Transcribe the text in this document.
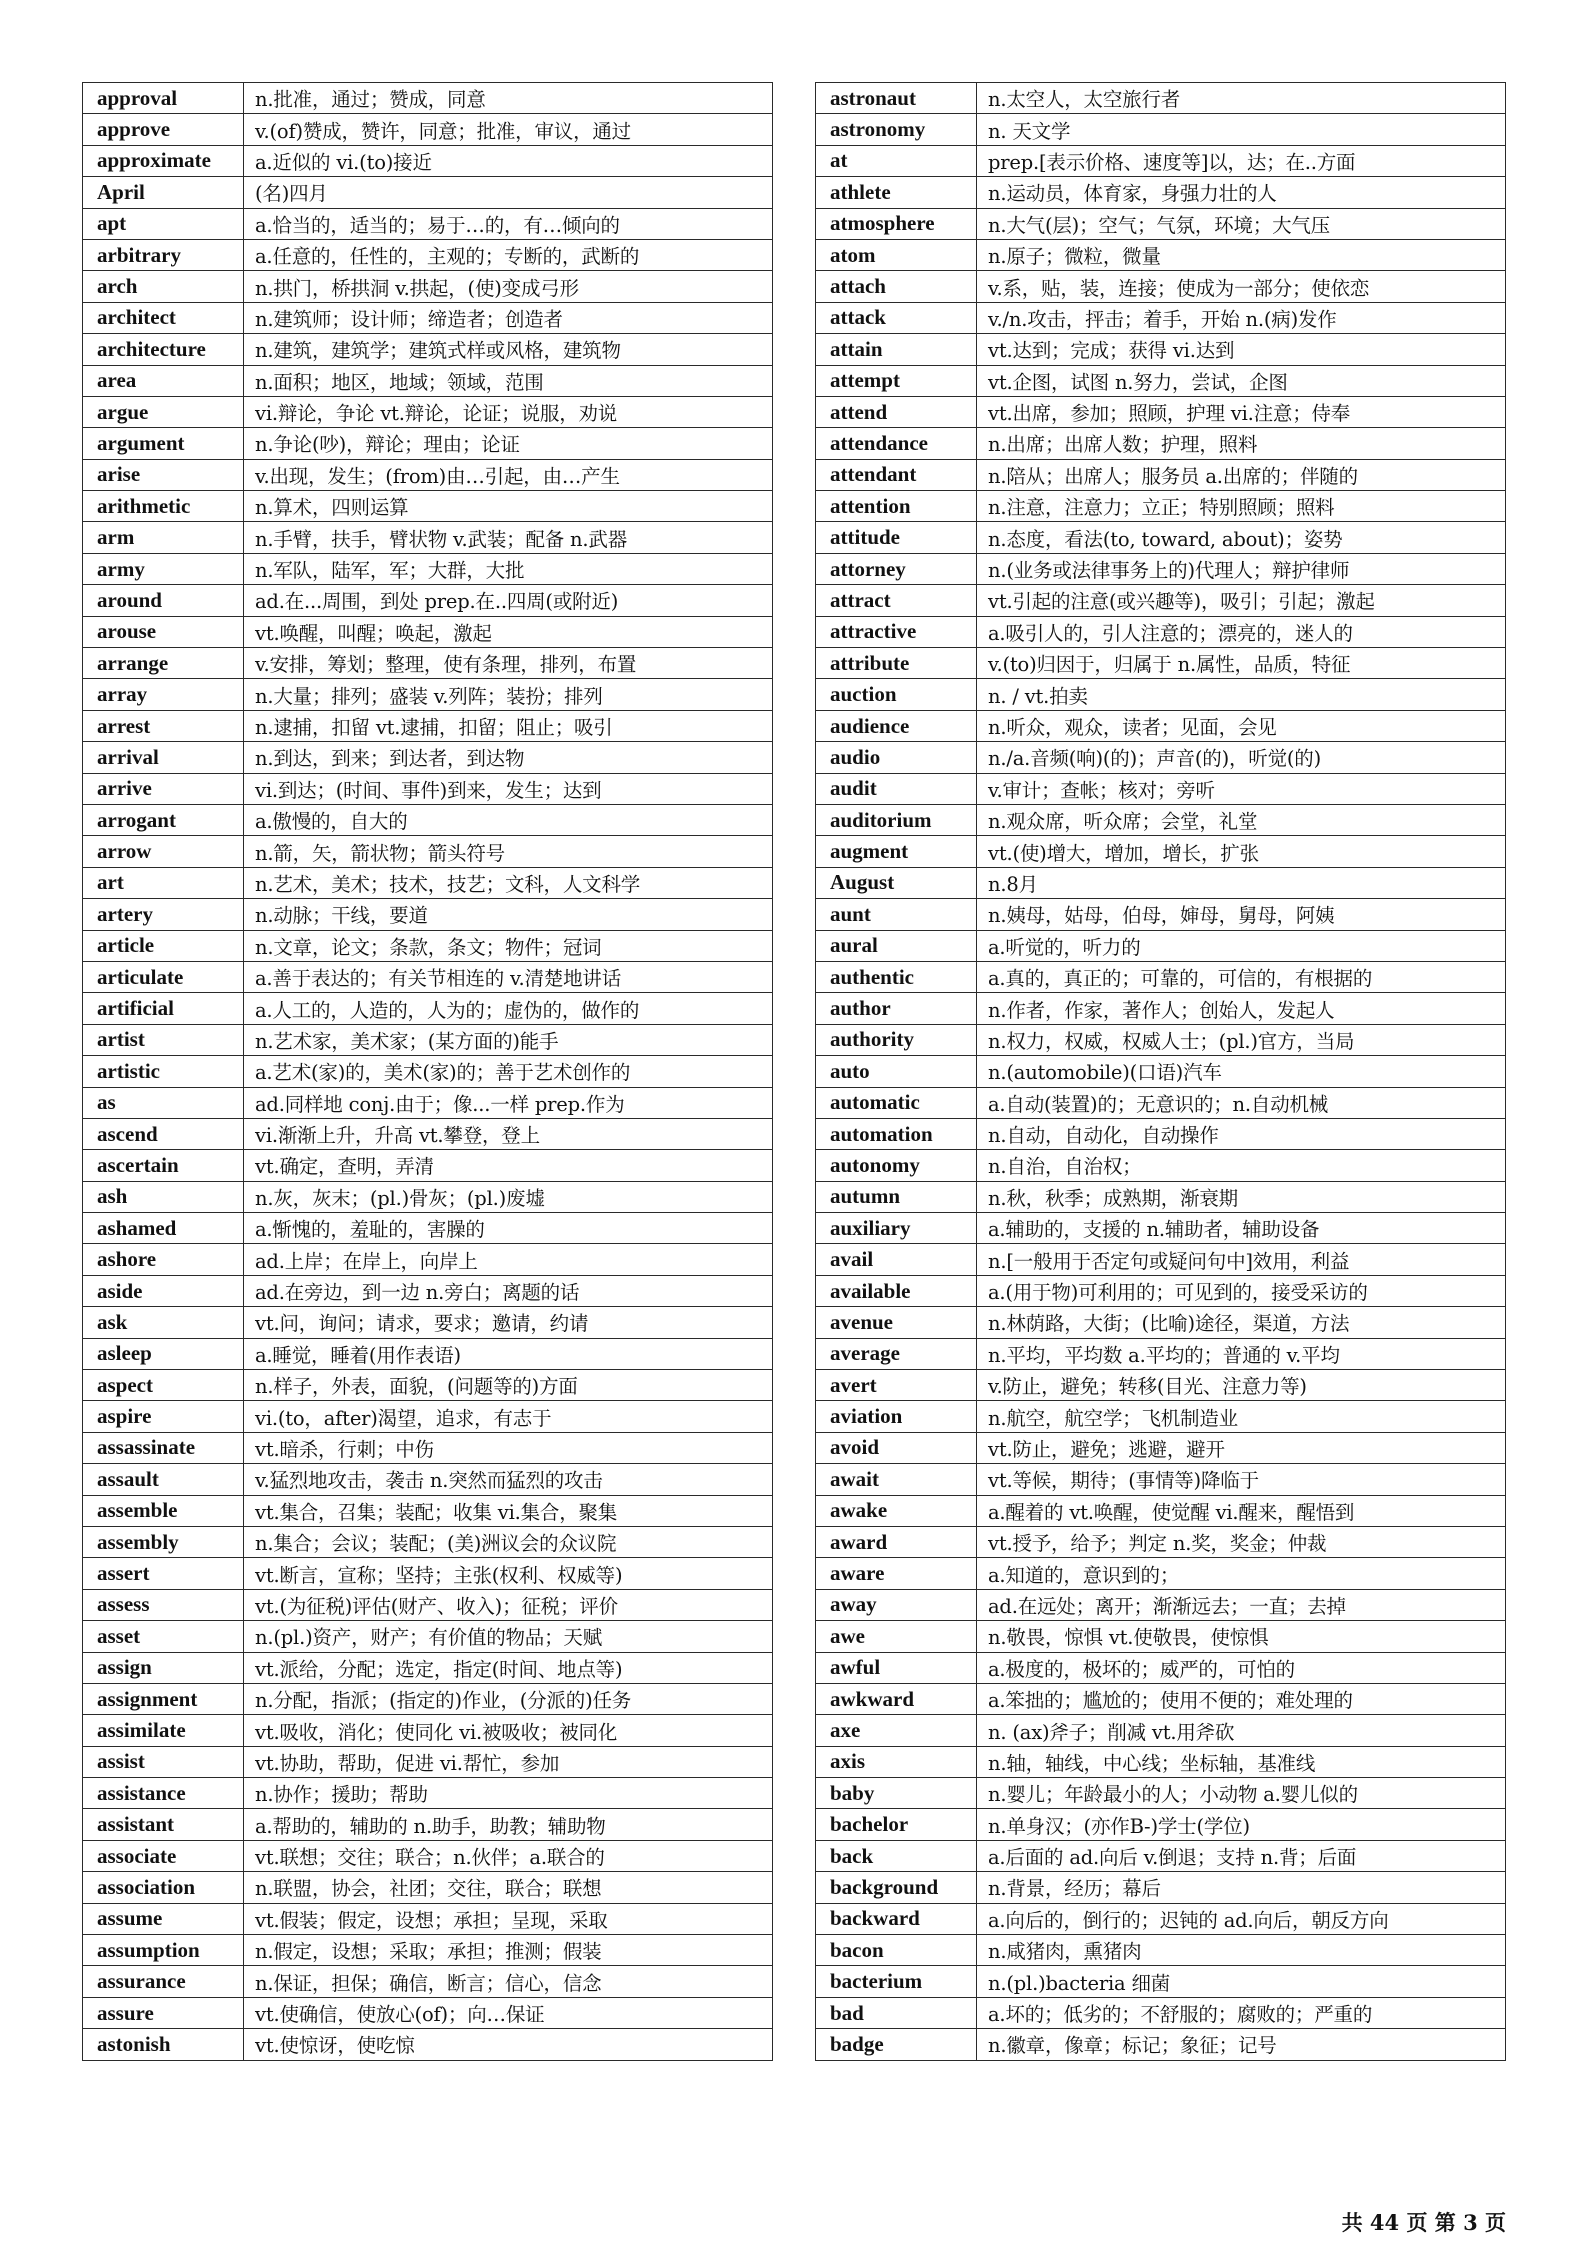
approval	n.批准，通过；赞成，同意
approve	v.(of)赞成，赞许，同意；批准，审议，通过
approximate	a.近似的 vi.(to)接近
April	(名)四月
apt	a.恰当的，适当的；易于…的，有…倾向的
arbitrary	a.任意的，任性的，主观的；专断的，武断的
arch	n.拱门，桥拱洞 v.拱起，(使)变成弓形
architect	n.建筑师；设计师；缔造者；创造者
architecture	n.建筑，建筑学；建筑式样或风格，建筑物
area	n.面积；地区，地域；领域，范围
argue	vi.辩论，争论 vt.辩论，论证；说服，劝说
argument	n.争论(吵)，辩论；理由；论证
arise	v.出现，发生；(from)由…引起，由…产生
arithmetic	n.算术，四则运算
arm	n.手臂，扶手，臂状物 v.武装；配备 n.武器
army	n.军队，陆军，军；大群，大批
around	ad.在...周围，到处 prep.在..四周(或附近)
arouse	vt.唤醒，叫醒；唤起，激起
arrange	v.安排，筹划；整理，使有条理，排列，布置
array	n.大量；排列；盛装 v.列阵；装扮；排列
arrest	n.逮捕，扣留 vt.逮捕，扣留；阻止；吸引
arrival	n.到达，到来；到达者，到达物
arrive	vi.到达；(时间、事件)到来，发生；达到
arrogant	a.傲慢的，自大的
arrow	n.箭，矢，箭状物；箭头符号
art	n.艺术，美术；技术，技艺；文科，人文科学
artery	n.动脉；干线，要道
article	n.文章，论文；条款，条文；物件；冠词
articulate	a.善于表达的；有关节相连的 v.清楚地讲话
artificial	a.人工的，人造的，人为的；虚伪的，做作的
artist	n.艺术家，美术家；(某方面的)能手
artistic	a.艺术(家)的，美术(家)的；善于艺术创作的
as	ad.同样地 conj.由于；像...一样 prep.作为
ascend	vi.渐渐上升，升高 vt.攀登，登上
ascertain	vt.确定，查明，弄清
ash	n.灰，灰末；(pl.)骨灰；(pl.)废墟
ashamed	a.惭愧的，羞耻的，害臊的
ashore	ad.上岸；在岸上，向岸上
aside	ad.在旁边，到一边 n.旁白；离题的话
ask	vt.问，询问；请求，要求；邀请，约请
asleep	a.睡觉，睡着(用作表语)
aspect	n.样子，外表，面貌，(问题等的)方面
aspire	vi.(to，after)渴望，追求，有志于
assassinate	vt.暗杀，行刺；中伤
assault	v.猛烈地攻击，袭击 n.突然而猛烈的攻击
assemble	vt.集合，召集；装配；收集 vi.集合，聚集
assembly	n.集合；会议；装配；(美)洲议会的众议院
assert	vt.断言，宣称；坚持；主张(权利、权威等)
assess	vt.(为征税)评估(财产、收入)；征税；评价
asset	n.(pl.)资产，财产；有价值的物品；天赋
assign	vt.派给，分配；选定，指定(时间、地点等)
assignment	n.分配，指派；(指定的)作业，(分派的)任务
assimilate	vt.吸收，消化；使同化 vi.被吸收；被同化
assist	vt.协助，帮助，促进 vi.帮忙，参加
assistance	n.协作；援助；帮助
assistant	a.帮助的，辅助的 n.助手，助教；辅助物
associate	vt.联想；交往；联合；n.伙伴；a.联合的
association	n.联盟，协会，社团；交往，联合；联想
assume	vt.假装；假定，设想；承担；呈现，采取
assumption	n.假定，设想；采取；承担；推测；假装
assurance	n.保证，担保；确信，断言；信心，信念
assure	vt.使确信，使放心(of)；向…保证
astonish	vt.使惊讶，使吃惊
astronaut	n.太空人，太空旅行者
astronomy	n. 天文学
at	prep.[表示价格、速度等]以，达；在..方面
athlete	n.运动员，体育家，身强力壮的人
atmosphere	n.大气(层)；空气；气氛，环境；大气压
atom	n.原子；微粒，微量
attach	v.系，贴，装，连接；使成为一部分；使依恋
attack	v./n.攻击，抨击；着手，开始 n.(病)发作
attain	vt.达到；完成；获得 vi.达到
attempt	vt.企图，试图 n.努力，尝试，企图
attend	vt.出席，参加；照顾，护理 vi.注意；侍奉
attendance	n.出席；出席人数；护理，照料
attendant	n.陪从；出席人；服务员 a.出席的；伴随的
attention	n.注意，注意力；立正；特别照顾；照料
attitude	n.态度，看法(to, toward, about)；姿势
attorney	n.(业务或法律事务上的)代理人；辩护律师
attract	vt.引起的注意(或兴趣等)，吸引；引起；激起
attractive	a.吸引人的，引人注意的；漂亮的，迷人的
attribute	v.(to)归因于，归属于 n.属性，品质，特征
auction	n. / vt.拍卖
audience	n.听众，观众，读者；见面，会见
audio	n./a.音频(响)(的)；声音(的)，听觉(的)
audit	v.审计；查帐；核对；旁听
auditorium	n.观众席，听众席；会堂，礼堂
augment	vt.(使)增大，增加，增长，扩张
August	n.8月
aunt	n.姨母，姑母，伯母，婶母，舅母，阿姨
aural	a.听觉的，听力的
authentic	a.真的，真正的；可靠的，可信的，有根据的
author	n.作者，作家，著作人；创始人，发起人
authority	n.权力，权威，权威人士；(pl.)官方，当局
auto	n.(automobile)(口语)汽车
automatic	a.自动(装置)的；无意识的；n.自动机械
automation	n.自动，自动化，自动操作
autonomy	n.自治，自治权；
autumn	n.秋，秋季；成熟期，渐衰期
auxiliary	a.辅助的，支援的 n.辅助者，辅助设备
avail	n.[一般用于否定句或疑问句中]效用，利益
available	a.(用于物)可利用的；可见到的，接受采访的
avenue	n.林荫路，大街；(比喻)途径，渠道，方法
average	n.平均，平均数 a.平均的；普通的 v.平均
avert	v.防止，避免；转移(目光、注意力等)
aviation	n.航空，航空学；飞机制造业
avoid	vt.防止，避免；逃避，避开
await	vt.等候，期待；(事情等)降临于
awake	a.醒着的 vt.唤醒，使觉醒 vi.醒来，醒悟到
award	vt.授予，给予；判定 n.奖，奖金；仲裁
aware	a.知道的，意识到的；
away	ad.在远处；离开；渐渐远去；一直；去掉
awe	n.敬畏，惊惧 vt.使敬畏，使惊惧
awful	a.极度的，极坏的；威严的，可怕的
awkward	a.笨拙的；尴尬的；使用不便的；难处理的
axe	n. (ax)斧子；削减 vt.用斧砍
axis	n.轴，轴线，中心线；坐标轴，基准线
baby	n.婴儿；年龄最小的人；小动物 a.婴儿似的
bachelor	n.单身汉；(亦作B-)学士(学位)
back	a.后面的 ad.向后 v.倒退；支持 n.背；后面
background	n.背景，经历；幕后
backward	a.向后的，倒行的；迟钝的 ad.向后，朝反方向
bacon	n.咸猪肉，熏猪肉
bacterium	n.(pl.)bacteria 细菌
bad	a.坏的；低劣的；不舒服的；腐败的；严重的
badge	n.徽章，像章；标记；象征；记号
共 44 页 第 3 页
